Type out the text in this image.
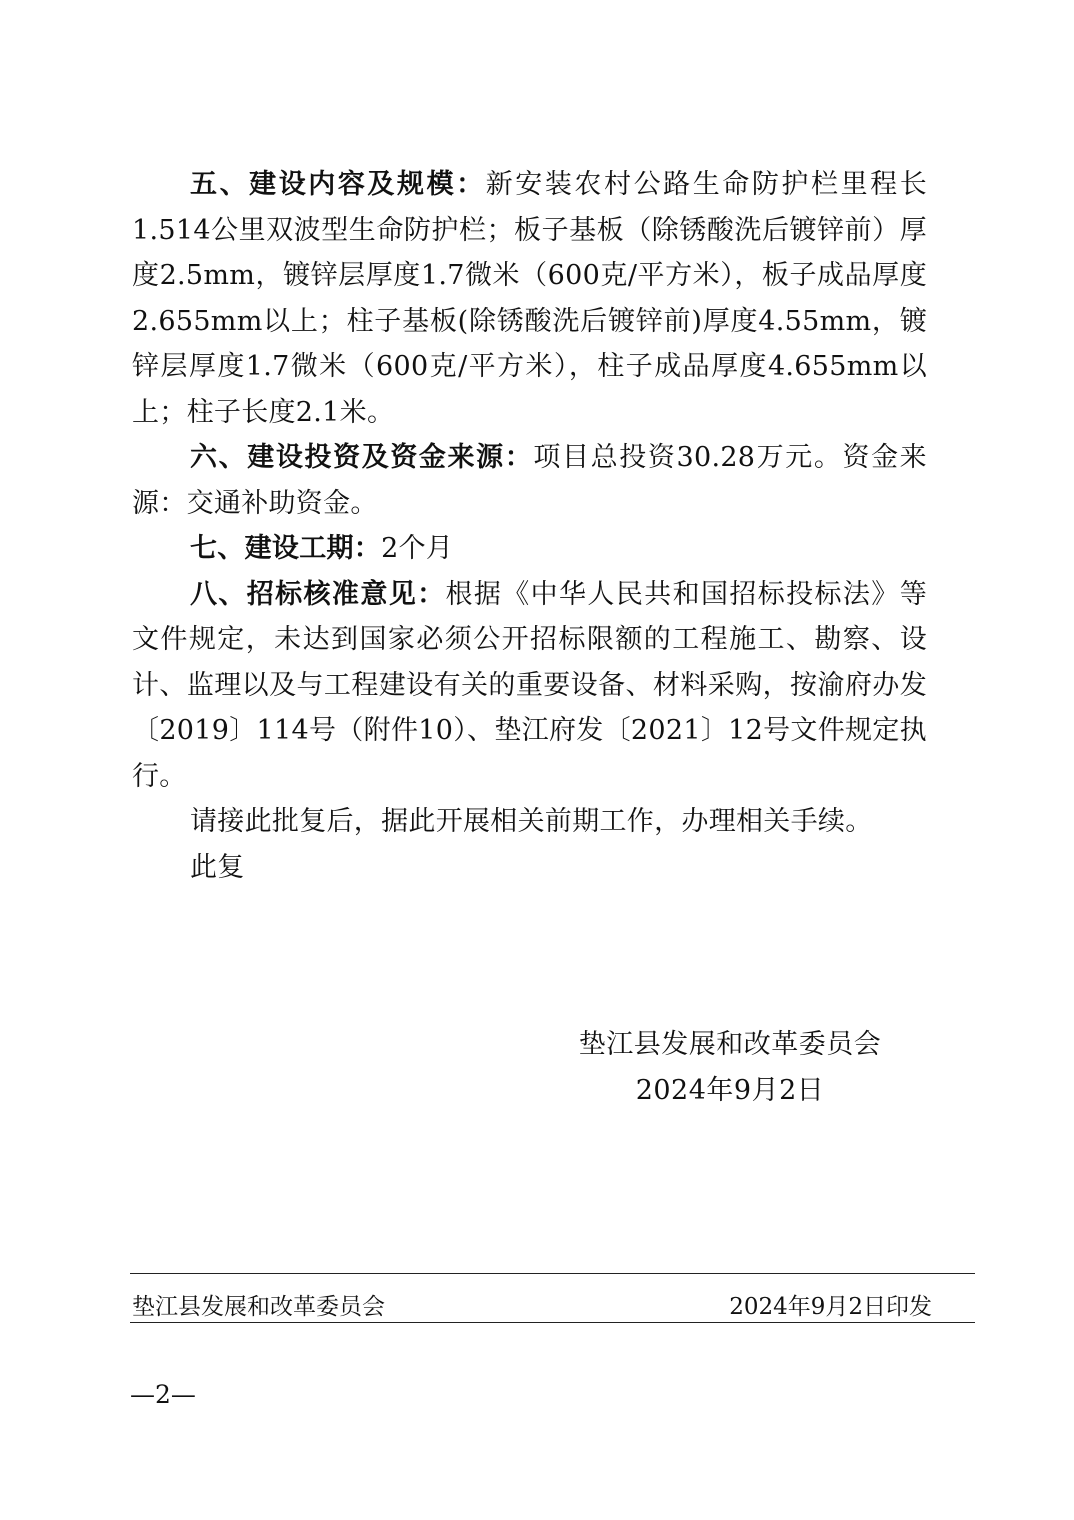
五、建设内容及规模：新安装农村公路生命防护栏里程长1.514公里双波型生命防护栏；板子基板（除锈酸洗后镀锌前）厚度2.5mm，镀锌层厚度1.7微米（600克/平方米），板子成品厚度2.655mm以上；柱子基板(除锈酸洗后镀锌前)厚度4.55mm，镀锌层厚度1.7微米（600克/平方米），柱子成品厚度4.655mm以上；柱子长度2.1米。

六、建设投资及资金来源：项目总投资30.28万元。资金来源：交通补助资金。

七、建设工期：2个月

八、招标核准意见：根据《中华人民共和国招标投标法》等文件规定，未达到国家必须公开招标限额的工程施工、勘察、设计、监理以及与工程建设有关的重要设备、材料采购，按渝府办发〔2019〕114号（附件10）、垫江府发〔2021〕12号文件规定执行。

请接此批复后，据此开展相关前期工作，办理相关手续。

此复

垫江县发展和改革委员会
2024年9月2日
垫江县发展和改革委员会	2024年9月2日印发
—2—
